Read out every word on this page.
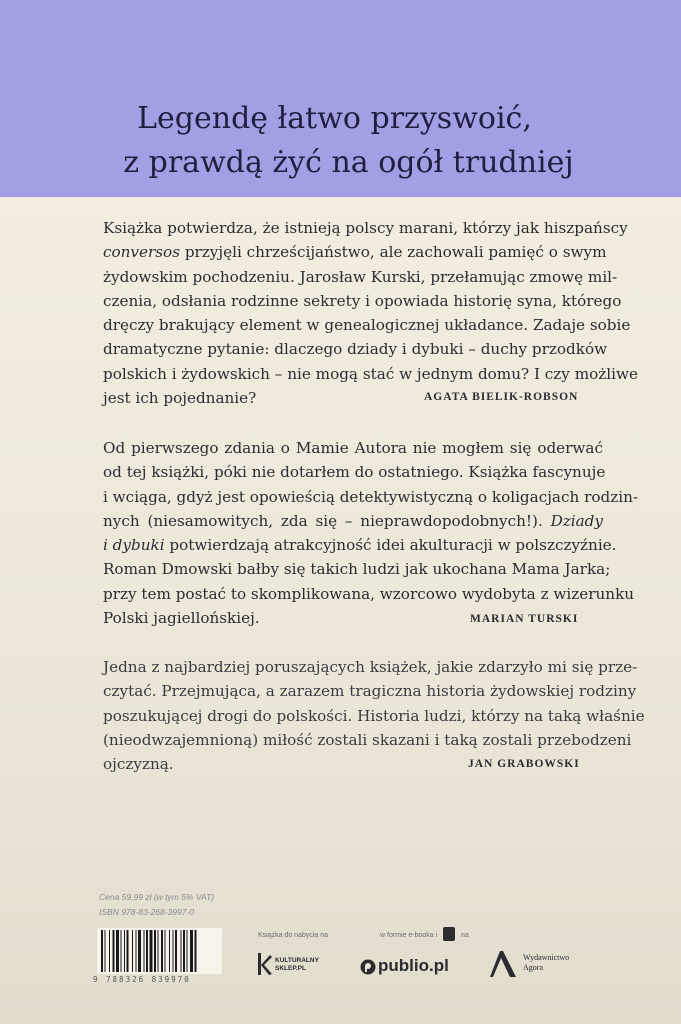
Legendę łatwo przyswoić,
z prawdą żyć na ogół trudniej
Książka potwierdza, że istnieją polscy marani, którzy jak hiszpańscy
conversos przyjęli chrześcijaństwo, ale zachowali pamięć o swym
żydowskim pochodzeniu. Jarosław Kurski, przełamując zmowę mil-
czenia, odsłania rodzinne sekrety i opowiada historię syna, którego
dręczy brakujący element w genealogicznej układance. Zadaje sobie
dramatyczne pytanie: dlaczego dziady i dybuki – duchy przodków
polskich i żydowskich – nie mogą stać w jednym domu? I czy możliwe
jest ich pojednanie?	AGATA BIELIK-ROBSON
Od pierwszego zdania o Mamie Autora nie mogłem się oderwać
od tej książki, póki nie dotarłem do ostatniego. Książka fascynuje
i wciąga, gdyż jest opowieścią detektywistyczną o koligacjach rodzin-
nych (niesamowitych, zda się – nieprawdopodobnych!). Dziady
i dybuki potwierdzają atrakcyjność idei akulturacji w polszczyźnie.
Roman Dmowski bałby się takich ludzi jak ukochana Mama Jarka;
przy tem postać to skomplikowana, wzorcowo wydobyta z wizerunku
Polski jagiellońskiej.	MARIAN TURSKI
Jedna z najbardziej poruszających książek, jakie zdarzyło mi się prze-
czytać. Przejmująca, a zarazem tragiczna historia żydowskiej rodziny
poszukującej drogi do polskości. Historia ludzi, którzy na taką właśnie
(nieodwzajemnioną) miłość zostali skazani i taką zostali przebodzeni
ojczyzną.	JAN GRABOWSKI
Cena 59,99 zł (w tym 5% VAT)
ISBN 978-83-268-3997-0
9 788326 839970
Książka do nabycia na
KULTURALNY
SKLEP.PL
w formie e-booka i	na
publio.pl	Wydawnictwo
Agora
